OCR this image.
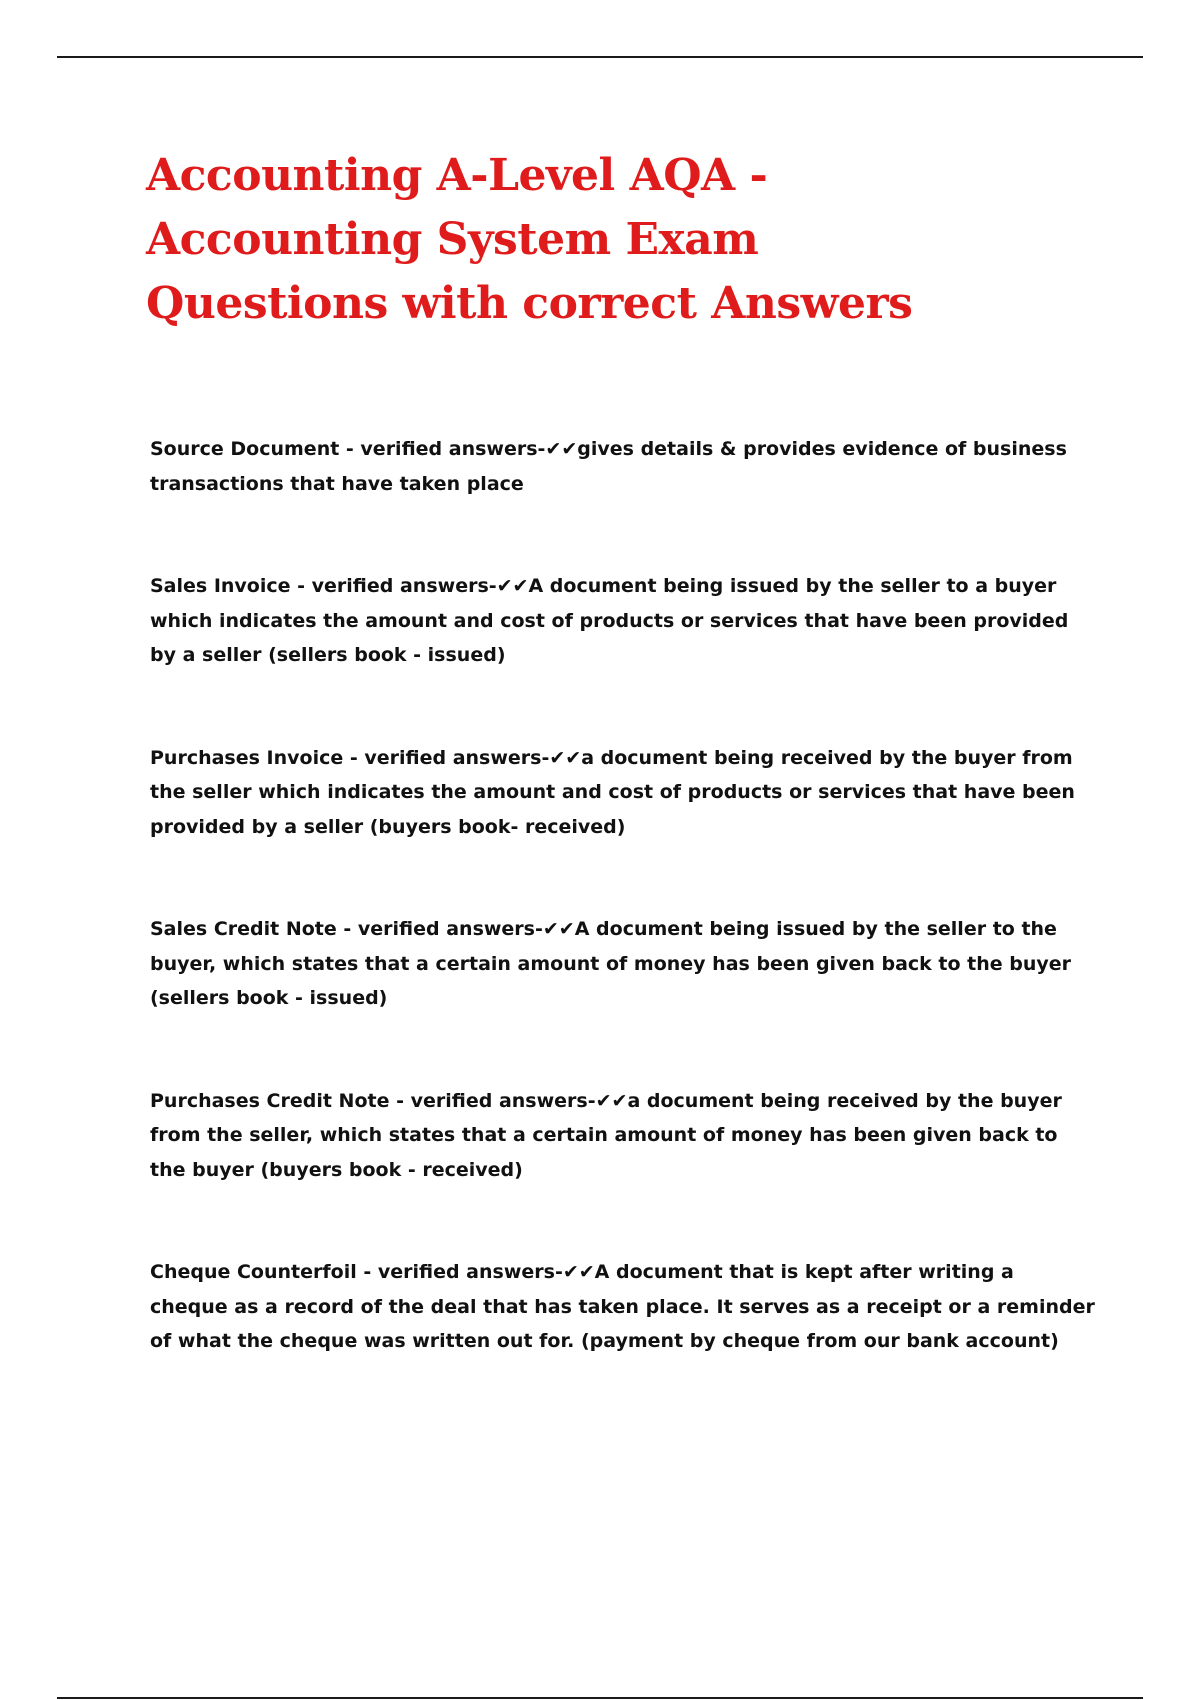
Accounting A-Level AQA - Accounting System Exam Questions with correct Answers

Source Document - verified answers-✔✔gives details & provides evidence of business transactions that have taken place

Sales Invoice - verified answers-✔✔A document being issued by the seller to a buyer which indicates the amount and cost of products or services that have been provided by a seller (sellers book - issued)

Purchases Invoice - verified answers-✔✔a document being received by the buyer from the seller which indicates the amount and cost of products or services that have been provided by a seller (buyers book- received)

Sales Credit Note - verified answers-✔✔A document being issued by the seller to the buyer, which states that a certain amount of money has been given back to the buyer (sellers book - issued)

Purchases Credit Note - verified answers-✔✔a document being received by the buyer from the seller, which states that a certain amount of money has been given back to the buyer (buyers book - received)

Cheque Counterfoil - verified answers-✔✔A document that is kept after writing a cheque as a record of the deal that has taken place. It serves as a receipt or a reminder of what the cheque was written out for. (payment by cheque from our bank account)
